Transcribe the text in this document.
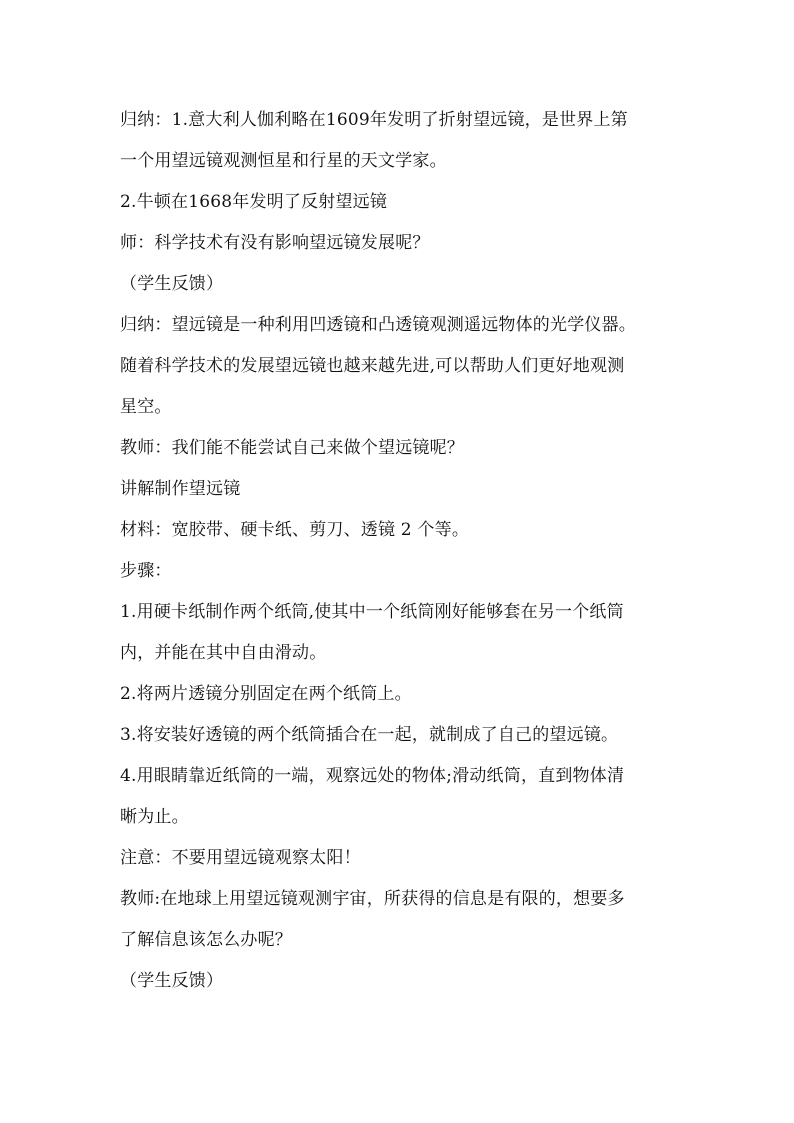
归纳：1.意大利人伽利略在1609年发明了折射望远镜，是世界上第
一个用望远镜观测恒星和行星的天文学家。
2.牛顿在1668年发明了反射望远镜
师：科学技术有没有影响望远镜发展呢？
（学生反馈）
归纳：望远镜是一种利用凹透镜和凸透镜观测遥远物体的光学仪器。
随着科学技术的发展望远镜也越来越先进,可以帮助人们更好地观测
星空。
教师：我们能不能尝试自己来做个望远镜呢？
讲解制作望远镜
材料：宽胶带、硬卡纸、剪刀、透镜 2 个等。
步骤：
1.用硬卡纸制作两个纸筒,使其中一个纸筒刚好能够套在另一个纸筒
内，并能在其中自由滑动。
2.将两片透镜分别固定在两个纸筒上。
3.将安装好透镜的两个纸筒插合在一起，就制成了自己的望远镜。
4.用眼睛靠近纸筒的一端，观察远处的物体;滑动纸筒，直到物体清
晰为止。
注意：不要用望远镜观察太阳！
教师:在地球上用望远镜观测宇宙，所获得的信息是有限的，想要多
了解信息该怎么办呢？
（学生反馈）
